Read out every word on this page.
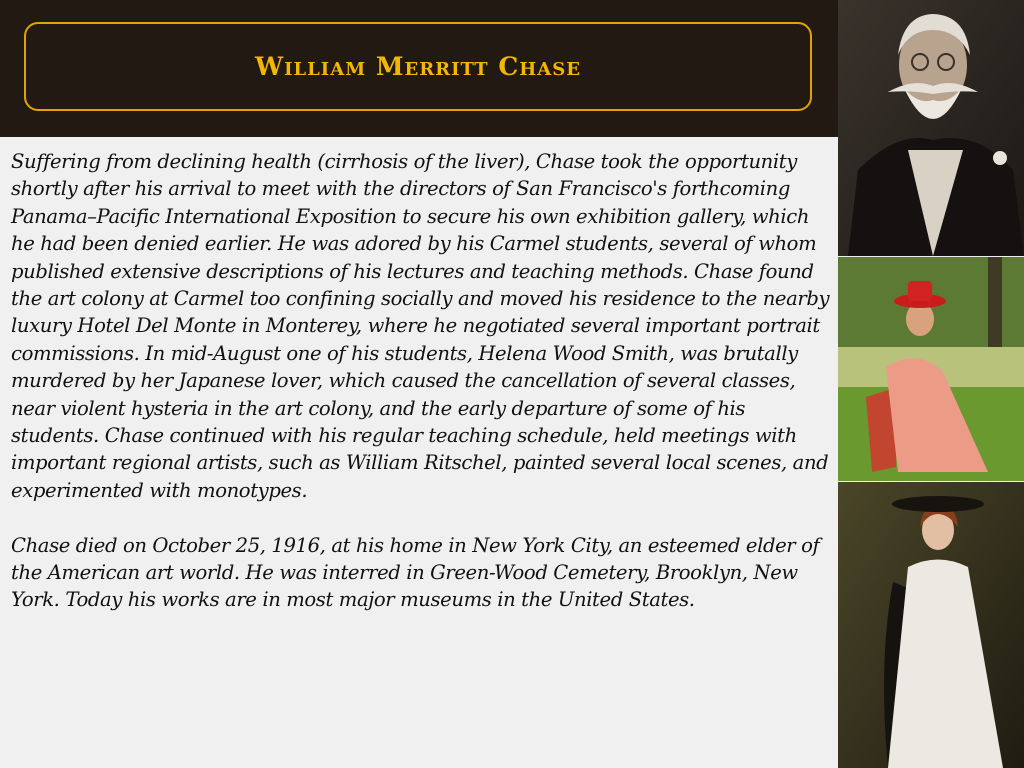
William Merritt Chase

Suffering from declining health (cirrhosis of the liver), Chase took the opportunity shortly after his arrival to meet with the directors of San Francisco's forthcoming Panama–Pacific International Exposition to secure his own exhibition gallery, which he had been denied earlier. He was adored by his Carmel students, several of whom published extensive descriptions of his lectures and teaching methods. Chase found the art colony at Carmel too confining socially and moved his residence to the nearby luxury Hotel Del Monte in Monterey, where he negotiated several important portrait commissions. In mid-August one of his students, Helena Wood Smith, was brutally murdered by her Japanese lover, which caused the cancellation of several classes, near violent hysteria in the art colony, and the early departure of some of his students. Chase continued with his regular teaching schedule, held meetings with important regional artists, such as William Ritschel, painted several local scenes, and experimented with monotypes.

Chase died on October 25, 1916, at his home in New York City, an esteemed elder of the American art world. He was interred in Green-Wood Cemetery, Brooklyn, New York. Today his works are in most major museums in the United States.
